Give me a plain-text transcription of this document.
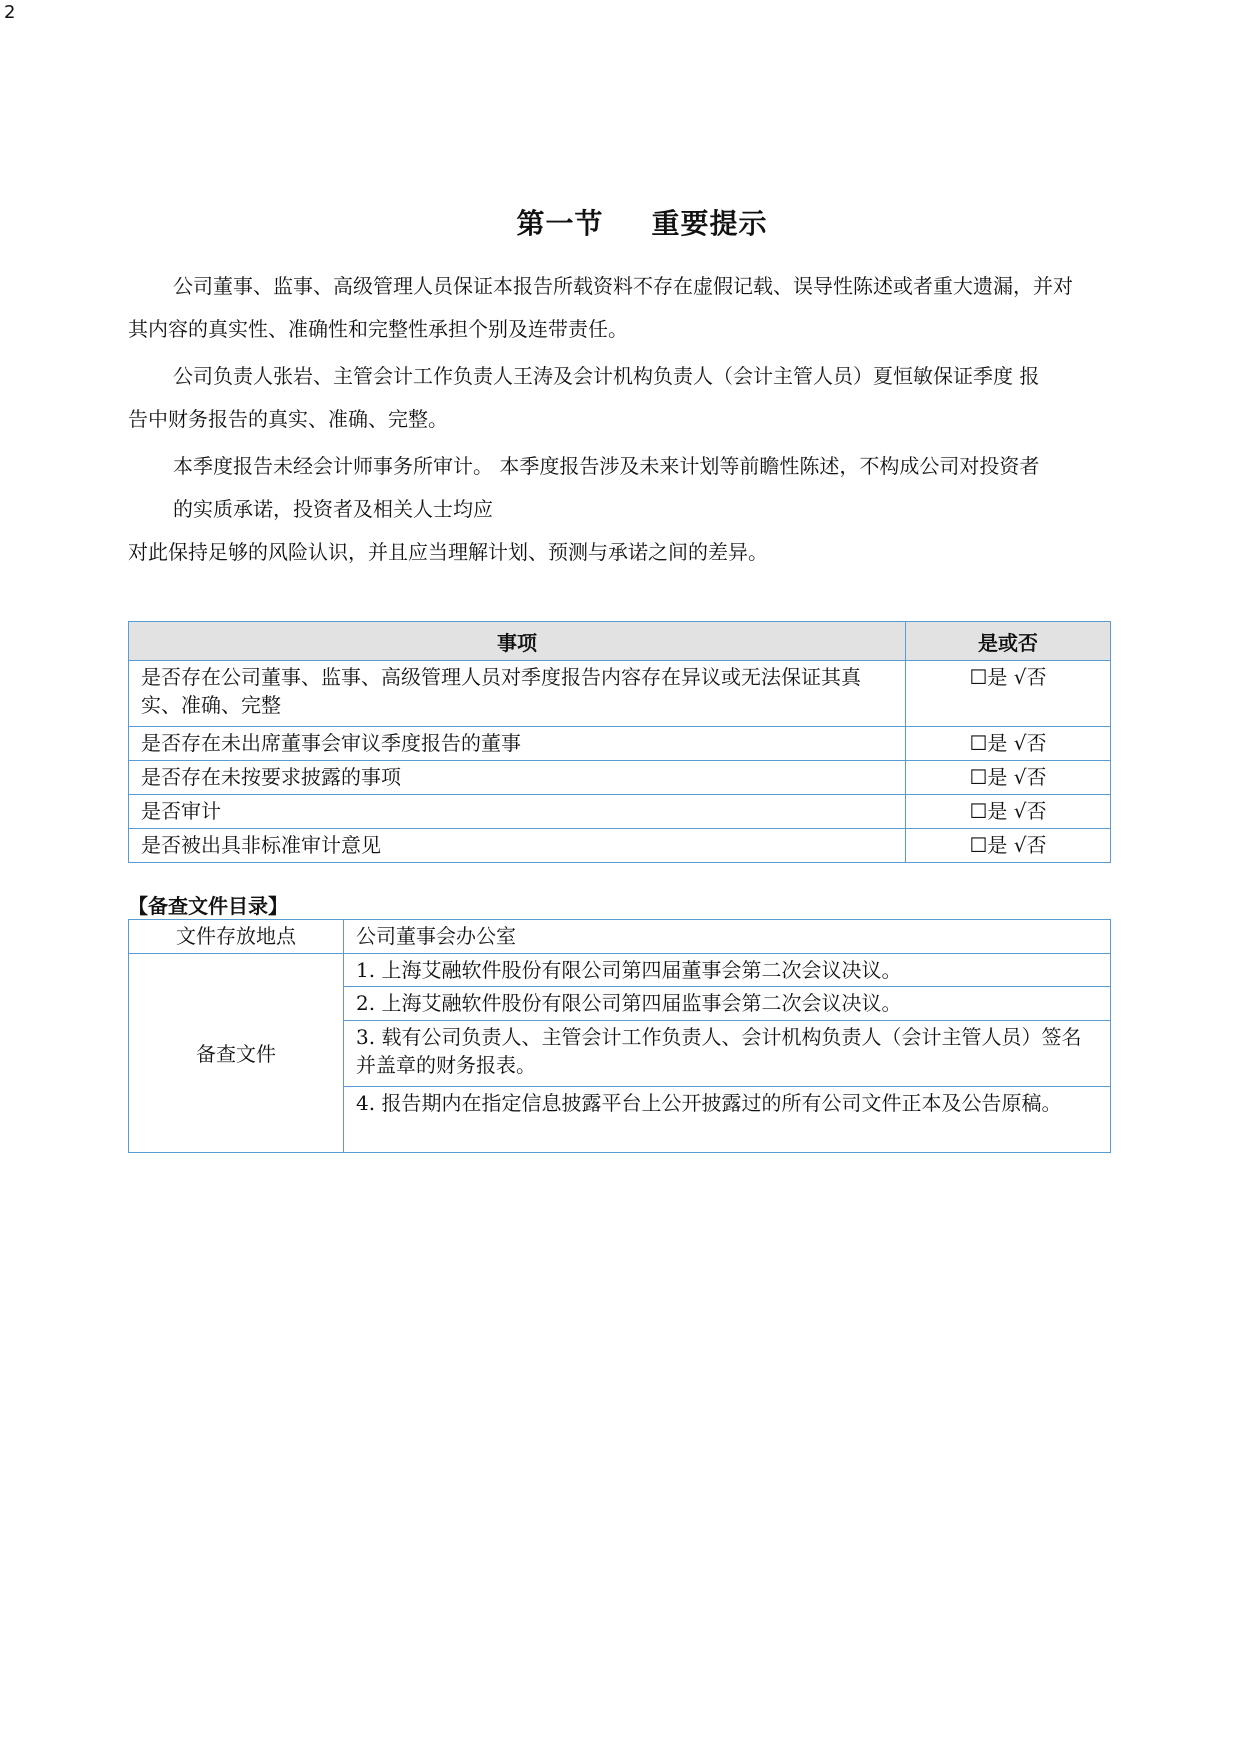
2
第一节 重要提示
公司董事、监事、高级管理人员保证本报告所载资料不存在虚假记载、误导性陈述或者重大遗漏，并对
其内容的真实性、准确性和完整性承担个别及连带责任。
公司负责人张岩、主管会计工作负责人王涛及会计机构负责人（会计主管人员）夏恒敏保证季度 报
告中财务报告的真实、准确、完整。
本季度报告未经会计师事务所审计。 本季度报告涉及未来计划等前瞻性陈述，不构成公司对投资者
的实质承诺，投资者及相关人士均应
对此保持足够的风险认识，并且应当理解计划、预测与承诺之间的差异。
事项	是或否
是否存在公司董事、监事、高级管理人员对季度报告内容存在异议或无法保证其真实、准确、完整	☐是 √否
是否存在未出席董事会审议季度报告的董事	☐是 √否
是否存在未按要求披露的事项	☐是 √否
是否审计	☐是 √否
是否被出具非标准审计意见	☐是 √否
【备查文件目录】
文件存放地点	公司董事会办公室
备查文件	1. 上海艾融软件股份有限公司第四届董事会第二次会议决议。
	2. 上海艾融软件股份有限公司第四届监事会第二次会议决议。
	3. 载有公司负责人、主管会计工作负责人、会计机构负责人（会计主管人员）签名并盖章的财务报表。
	4. 报告期内在指定信息披露平台上公开披露过的所有公司文件正本及公告原稿。
